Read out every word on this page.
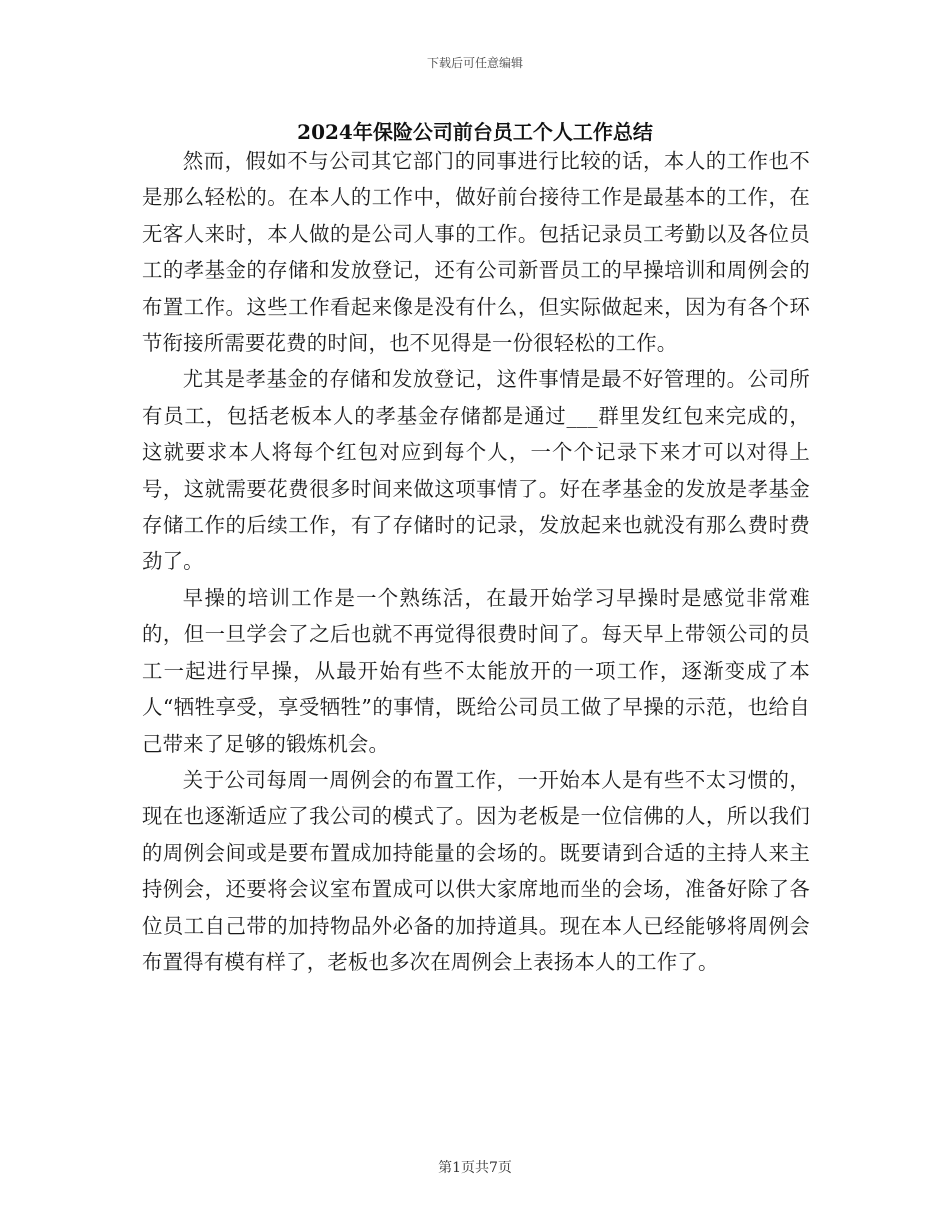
下载后可任意编辑
2024年保险公司前台员工个人工作总结

然而，假如不与公司其它部门的同事进行比较的话，本人的工作也不是那么轻松的。在本人的工作中，做好前台接待工作是最基本的工作，在无客人来时，本人做的是公司人事的工作。包括记录员工考勤以及各位员工的孝基金的存储和发放登记，还有公司新晋员工的早操培训和周例会的布置工作。这些工作看起来像是没有什么，但实际做起来，因为有各个环节衔接所需要花费的时间，也不见得是一份很轻松的工作。

尤其是孝基金的存储和发放登记，这件事情是最不好管理的。公司所有员工，包括老板本人的孝基金存储都是通过___群里发红包来完成的，这就要求本人将每个红包对应到每个人，一个个记录下来才可以对得上号，这就需要花费很多时间来做这项事情了。好在孝基金的发放是孝基金存储工作的后续工作，有了存储时的记录，发放起来也就没有那么费时费劲了。

早操的培训工作是一个熟练活，在最开始学习早操时是感觉非常难的，但一旦学会了之后也就不再觉得很费时间了。每天早上带领公司的员工一起进行早操，从最开始有些不太能放开的一项工作，逐渐变成了本人“牺牲享受，享受牺牲”的事情，既给公司员工做了早操的示范，也给自己带来了足够的锻炼机会。

关于公司每周一周例会的布置工作，一开始本人是有些不太习惯的，现在也逐渐适应了我公司的模式了。因为老板是一位信佛的人，所以我们的周例会间或是要布置成加持能量的会场的。既要请到合适的主持人来主持例会，还要将会议室布置成可以供大家席地而坐的会场，准备好除了各位员工自己带的加持物品外必备的加持道具。现在本人已经能够将周例会布置得有模有样了，老板也多次在周例会上表扬本人的工作了。

第1页共7页
